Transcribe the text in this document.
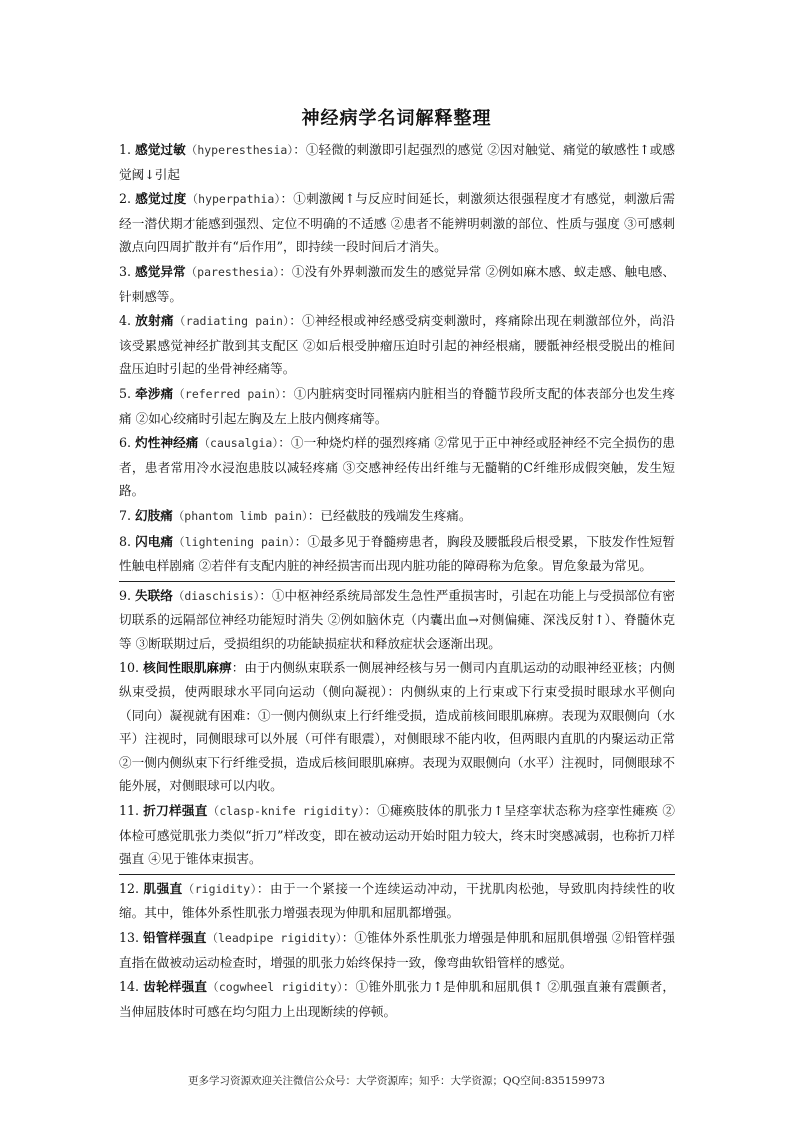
神经病学名词解释整理

1. 感觉过敏（hyperesthesia）：①轻微的刺激即引起强烈的感觉 ②因对触觉、痛觉的敏感性↑或感觉阈↓引起

2. 感觉过度（hyperpathia）：①刺激阈↑与反应时间延长，刺激须达很强程度才有感觉，刺激后需经一潜伏期才能感到强烈、定位不明确的不适感 ②患者不能辨明刺激的部位、性质与强度 ③可感刺激点向四周扩散并有“后作用”，即持续一段时间后才消失。

3. 感觉异常（paresthesia）：①没有外界刺激而发生的感觉异常 ②例如麻木感、蚁走感、触电感、针刺感等。

4. 放射痛（radiating pain）：①神经根或神经感受病变刺激时，疼痛除出现在刺激部位外，尚沿该受累感觉神经扩散到其支配区 ②如后根受肿瘤压迫时引起的神经根痛，腰骶神经根受脱出的椎间盘压迫时引起的坐骨神经痛等。

5. 牵涉痛（referred pain）：①内脏病变时同罹病内脏相当的脊髓节段所支配的体表部分也发生疼痛 ②如心绞痛时引起左胸及左上肢内侧疼痛等。

6. 灼性神经痛（causalgia）：①一种烧灼样的强烈疼痛 ②常见于正中神经或胫神经不完全损伤的患者，患者常用冷水浸泡患肢以减轻疼痛 ③交感神经传出纤维与无髓鞘的C纤维形成假突触，发生短路。

7. 幻肢痛（phantom limb pain）：已经截肢的残端发生疼痛。

8. 闪电痛（lightening pain）：①最多见于脊髓痨患者，胸段及腰骶段后根受累，下肢发作性短暂性触电样剧痛 ②若伴有支配内脏的神经损害而出现内脏功能的障碍称为危象。胃危象最为常见。

9. 失联络（diaschisis）：①中枢神经系统局部发生急性严重损害时，引起在功能上与受损部位有密切联系的远隔部位神经功能短时消失 ②例如脑休克（内囊出血→对侧偏瘫、深浅反射↑）、脊髓休克等 ③断联期过后，受损组织的功能缺损症状和释放症状会逐渐出现。

10. 核间性眼肌麻痹：由于内侧纵束联系一侧展神经核与另一侧司内直肌运动的动眼神经亚核；内侧纵束受损，使两眼球水平同向运动（侧向凝视）：内侧纵束的上行束或下行束受损时眼球水平侧向（同向）凝视就有困难：①一侧内侧纵束上行纤维受损，造成前核间眼肌麻痹。表现为双眼侧向（水平）注视时，同侧眼球可以外展（可伴有眼震），对侧眼球不能内收，但两眼内直肌的内聚运动正常 ②一侧内侧纵束下行纤维受损，造成后核间眼肌麻痹。表现为双眼侧向（水平）注视时，同侧眼球不能外展，对侧眼球可以内收。

11. 折刀样强直（clasp-knife rigidity）：①瘫痪肢体的肌张力↑呈痉挛状态称为痉挛性瘫痪 ②体检可感觉肌张力类似“折刀”样改变，即在被动运动开始时阻力较大，终末时突感减弱，也称折刀样强直 ④见于锥体束损害。

12. 肌强直（rigidity）：由于一个紧接一个连续运动冲动，干扰肌肉松弛，导致肌肉持续性的收缩。其中，锥体外系性肌张力增强表现为伸肌和屈肌都增强。

13. 铅管样强直（leadpipe rigidity）：①锥体外系性肌张力增强是伸肌和屈肌俱增强 ②铅管样强直指在做被动运动检查时，增强的肌张力始终保持一致，像弯曲软铅管样的感觉。

14. 齿轮样强直（cogwheel rigidity）：①锥外肌张力↑是伸肌和屈肌俱↑ ②肌强直兼有震颤者，当伸屈肢体时可感在均匀阻力上出现断续的停顿。

更多学习资源欢迎关注微信公众号：大学资源库；知乎：大学资源；QQ空间:835159973
